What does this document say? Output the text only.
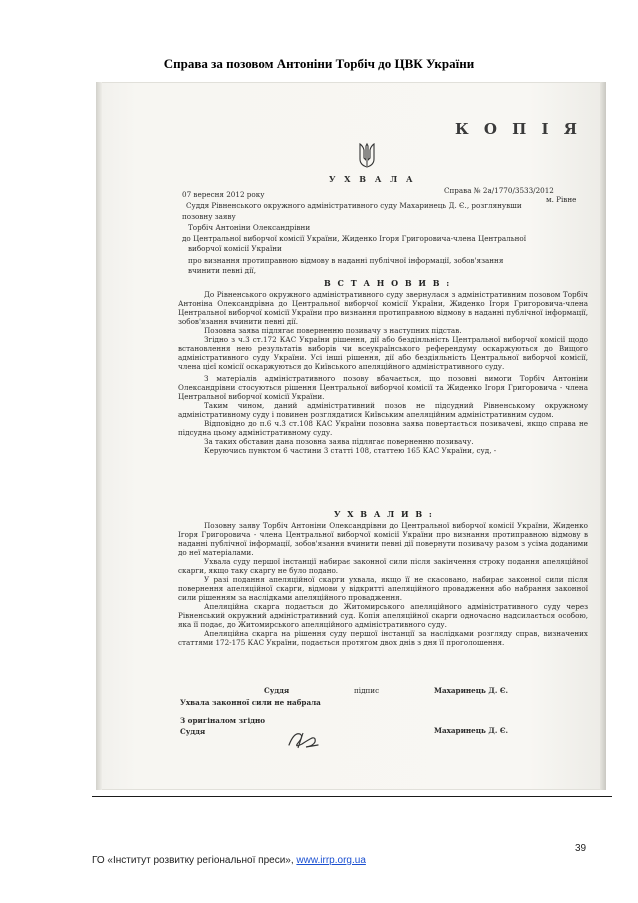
Справа за позовом Антоніни Торбіч до ЦВК України
К О П І Я
У Х В А Л А
07 вересня 2012 року	Справа № 2а/1770/3533/2012
м. Рівне
Суддя Рівненського окружного адміністративного суду Махаринець Д. Є., розглянувши
позовну заяву
Торбіч Антоніни Олександрівни
до Центральної виборчої комісії України, Жиденко Ігоря Григоровича-члена Центральної
виборчої комісії України
про визнання протиправною відмову в наданні публічної інформації, зобов'язання
вчинити певні дії,
В С Т А Н О В И В :
До Рівненського окружного адміністративного суду звернулася з адміністративним позовом Торбіч Антоніна Олександрівна до Центральної виборчої комісії України, Жиденко Ігоря Григоровича-члена Центральної виборчої комісії України про визнання протиправною відмову в наданні публічної інформації, зобов'язання вчинити певні дії.
Позовна заява підлягає поверненню позивачу з наступних підстав.
Згідно з ч.3 ст.172 КАС України рішення, дії або бездіяльність Центральної виборчої комісії щодо встановлення нею результатів виборів чи всеукраїнського референдуму оскаржуються до Вищого адміністративного суду України. Усі інші рішення, дії або бездіяльність Центральної виборчої комісії, члена цієї комісії оскаржуються до Київського апеляційного адміністративного суду.
З матеріалів адміністративного позову вбачається, що позовні вимоги Торбіч Антоніни Олександрівни стосуються рішення Центральної виборчої комісії та Жиденко Ігоря Григоровича - члена Центральної виборчої комісії України.
Таким чином, даний адміністративний позов не підсудний Рівненському окружному адміністративному суду і повинен розглядатися Київським апеляційним адміністративним судом.
Відповідно до п.6 ч.3 ст.108 КАС України позовна заява повертається позивачеві, якщо справа не підсудна цьому адміністративному суду.
За таких обставин дана позовна заява підлягає поверненню позивачу.
Керуючись пунктом 6 частини 3 статті 108, статтею 165 КАС України, суд, -
У Х В А Л И В :
Позовну заяву Торбіч Антоніни Олександрівни до Центральної виборчої комісії України, Жиденко Ігоря Григоровича - члена Центральної виборчої комісії України про визнання протиправною відмову в наданні публічної інформації, зобов'язання вчинити певні дії повернути позивачу разом з усіма доданими до неї матеріалами.
Ухвала суду першої інстанції набирає законної сили після закінчення строку подання апеляційної скарги, якщо таку скаргу не було подано.
У разі подання апеляційної скарги ухвала, якщо її не скасовано, набирає законної сили після повернення апеляційної скарги, відмови у відкритті апеляційного провадження або набрання законної сили рішенням за наслідками апеляційного провадження.
Апеляційна скарга подається до Житомирського апеляційного адміністративного суду через Рівненський окружний адміністративний суд. Копія апеляційної скарги одночасно надсилається особою, яка її подає, до Житомирського апеляційного адміністративного суду.
Апеляційна скарга на рішення суду першої інстанції за наслідками розгляду справ, визначених статтями 172-175 КАС України, подається протягом двох днів з дня її проголошення.
Суддя	підпис	Махаринець Д. Є.
Ухвала законної сили не набрала
З оригіналом згідно
Суддя	Махаринець Д. Є.
39
ГО «Інститут розвитку регіональної преси», www.irrp.org.ua
